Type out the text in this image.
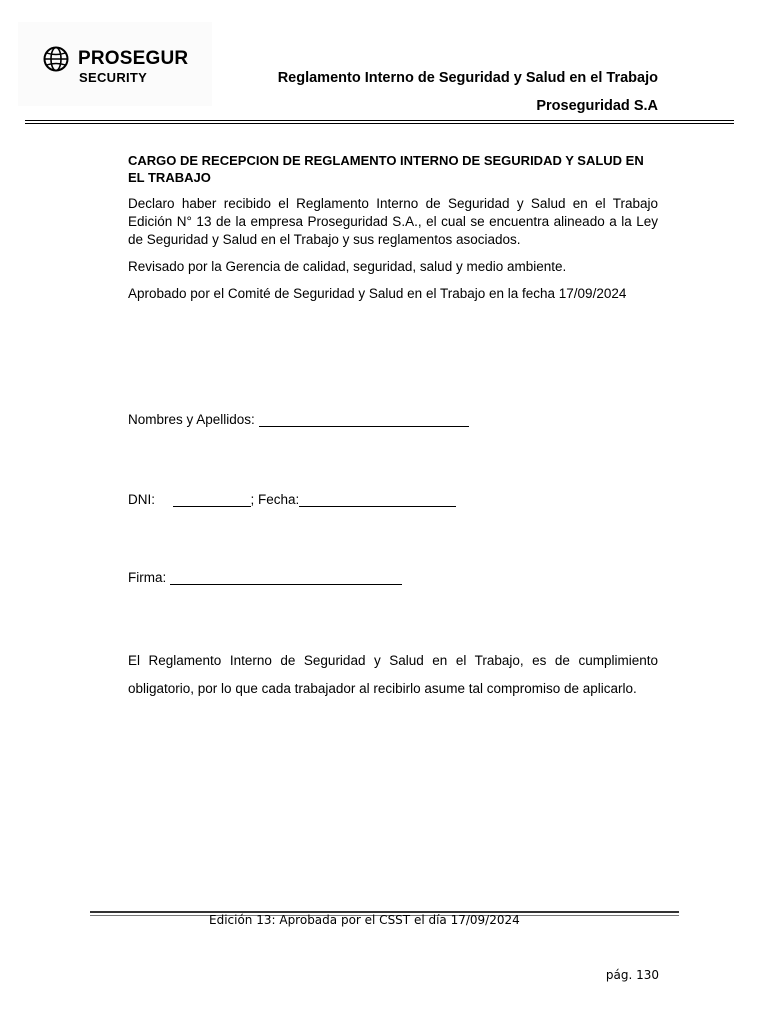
PROSEGUR
SECURITY	Reglamento Interno de Seguridad y Salud en el Trabajo
Proseguridad S.A
CARGO DE RECEPCION DE REGLAMENTO INTERNO DE SEGURIDAD Y SALUD EN EL TRABAJO

Declaro haber recibido el Reglamento Interno de Seguridad y Salud en el Trabajo Edición N° 13 de la empresa Proseguridad S.A., el cual se encuentra alineado a la Ley de Seguridad y Salud en el Trabajo y sus reglamentos asociados.

Revisado por la Gerencia de calidad, seguridad, salud y medio ambiente.

Aprobado por el Comité de Seguridad y Salud en el Trabajo en la fecha 17/09/2024

Nombres y Apellidos:
DNI:	; Fecha:
Firma:
El Reglamento Interno de Seguridad y Salud en el Trabajo, es de cumplimiento obligatorio, por lo que cada trabajador al recibirlo asume tal compromiso de aplicarlo.
Edición 13: Aprobada por el CSST el día 17/09/2024
pág. 130
